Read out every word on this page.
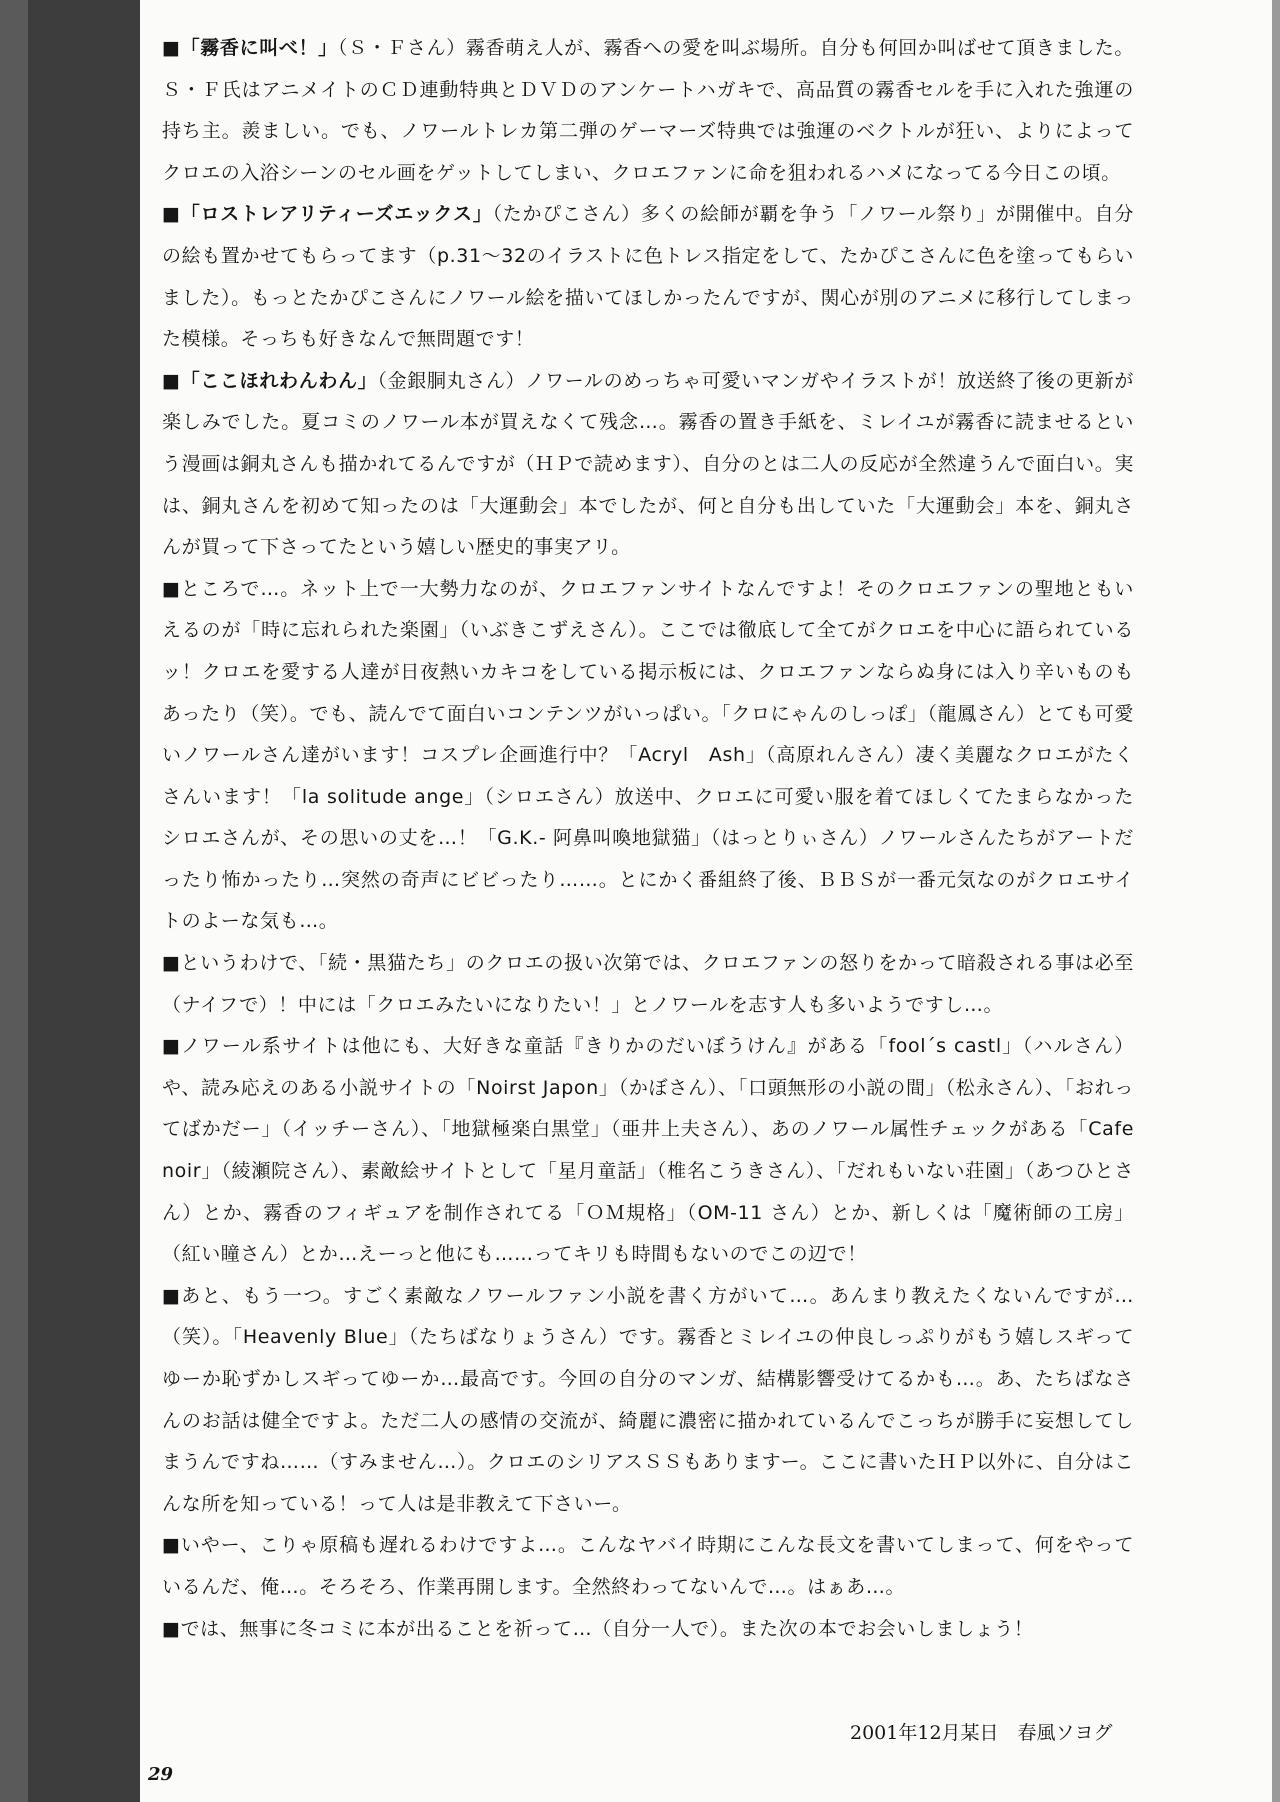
■「霧香に叫べ！」（Ｓ・Ｆさん）霧香萌え人が、霧香への愛を叫ぶ場所。自分も何回か叫ばせて頂きました。Ｓ・Ｆ氏はアニメイトのＣＤ連動特典とＤＶＤのアンケートハガキで、高品質の霧香セルを手に入れた強運の持ち主。羨ましい。でも、ノワールトレカ第二弾のゲーマーズ特典では強運のベクトルが狂い、よりによってクロエの入浴シーンのセル画をゲットしてしまい、クロエファンに命を狙われるハメになってる今日この頃。

■「ロストレアリティーズエックス」（たかぴこさん）多くの絵師が覇を争う「ノワール祭り」が開催中。自分の絵も置かせてもらってます（p.31〜32のイラストに色トレス指定をして、たかぴこさんに色を塗ってもらいました）。もっとたかぴこさんにノワール絵を描いてほしかったんですが、関心が別のアニメに移行してしまった模様。そっちも好きなんで無問題です！

■「ここほれわんわん」（金銀胴丸さん）ノワールのめっちゃ可愛いマンガやイラストが！放送終了後の更新が楽しみでした。夏コミのノワール本が買えなくて残念…。霧香の置き手紙を、ミレイユが霧香に読ませるという漫画は銅丸さんも描かれてるんですが（ＨＰで読めます）、自分のとは二人の反応が全然違うんで面白い。実は、銅丸さんを初めて知ったのは「大運動会」本でしたが、何と自分も出していた「大運動会」本を、銅丸さんが買って下さってたという嬉しい歴史的事実アリ。

■ところで…。ネット上で一大勢力なのが、クロエファンサイトなんですよ！そのクロエファンの聖地ともいえるのが「時に忘れられた楽園」（いぶきこずえさん）。ここでは徹底して全てがクロエを中心に語られているッ！クロエを愛する人達が日夜熱いカキコをしている掲示板には、クロエファンならぬ身には入り辛いものもあったり（笑）。でも、読んでて面白いコンテンツがいっぱい。「クロにゃんのしっぽ」（龍鳳さん）とても可愛いノワールさん達がいます！コスプレ企画進行中？「Acryl　Ash」（高原れんさん）凄く美麗なクロエがたくさんいます！「la solitude ange」（シロエさん）放送中、クロエに可愛い服を着てほしくてたまらなかったシロエさんが、その思いの丈を…！「G.K.- 阿鼻叫喚地獄猫」（はっとりぃさん）ノワールさんたちがアートだったり怖かったり…突然の奇声にビビったり……。とにかく番組終了後、ＢＢＳが一番元気なのがクロエサイトのよーな気も…。

■というわけで、「続・黒猫たち」のクロエの扱い次第では、クロエファンの怒りをかって暗殺される事は必至（ナイフで）！中には「クロエみたいになりたい！」とノワールを志す人も多いようですし…。

■ノワール系サイトは他にも、大好きな童話『きりかのだいぼうけん』がある「fool´s castl」（ハルさん）や、読み応えのある小説サイトの「Noirst Japon」（かぼさん）、「口頭無形の小説の間」（松永さん）、「おれってばかだー」（イッチーさん）、「地獄極楽白黒堂」（亜井上夫さん）、あのノワール属性チェックがある「Cafe noir」（綾瀬院さん）、素敵絵サイトとして「星月童話」（椎名こうきさん）、「だれもいない荘園」（あつひとさん）とか、霧香のフィギュアを制作されてる「ＯＭ規格」（OM-11 さん）とか、新しくは「魔術師の工房」（紅い瞳さん）とか…えーっと他にも……ってキリも時間もないのでこの辺で！

■あと、もう一つ。すごく素敵なノワールファン小説を書く方がいて…。あんまり教えたくないんですが…（笑）。「Heavenly Blue」（たちばなりょうさん）です。霧香とミレイユの仲良しっぷりがもう嬉しスギってゆーか恥ずかしスギってゆーか…最高です。今回の自分のマンガ、結構影響受けてるかも…。あ、たちばなさんのお話は健全ですよ。ただ二人の感情の交流が、綺麗に濃密に描かれているんでこっちが勝手に妄想してしまうんですね……（すみません…）。クロエのシリアスＳＳもありますー。ここに書いたＨＰ以外に、自分はこんな所を知っている！って人は是非教えて下さいー。

■いやー、こりゃ原稿も遅れるわけですよ…。こんなヤバイ時期にこんな長文を書いてしまって、何をやっているんだ、俺…。そろそろ、作業再開します。全然終わってないんで…。はぁあ…。

■では、無事に冬コミに本が出ることを祈って…（自分一人で）。また次の本でお会いしましょう！

2001年12月某日　春風ソヨグ
29
